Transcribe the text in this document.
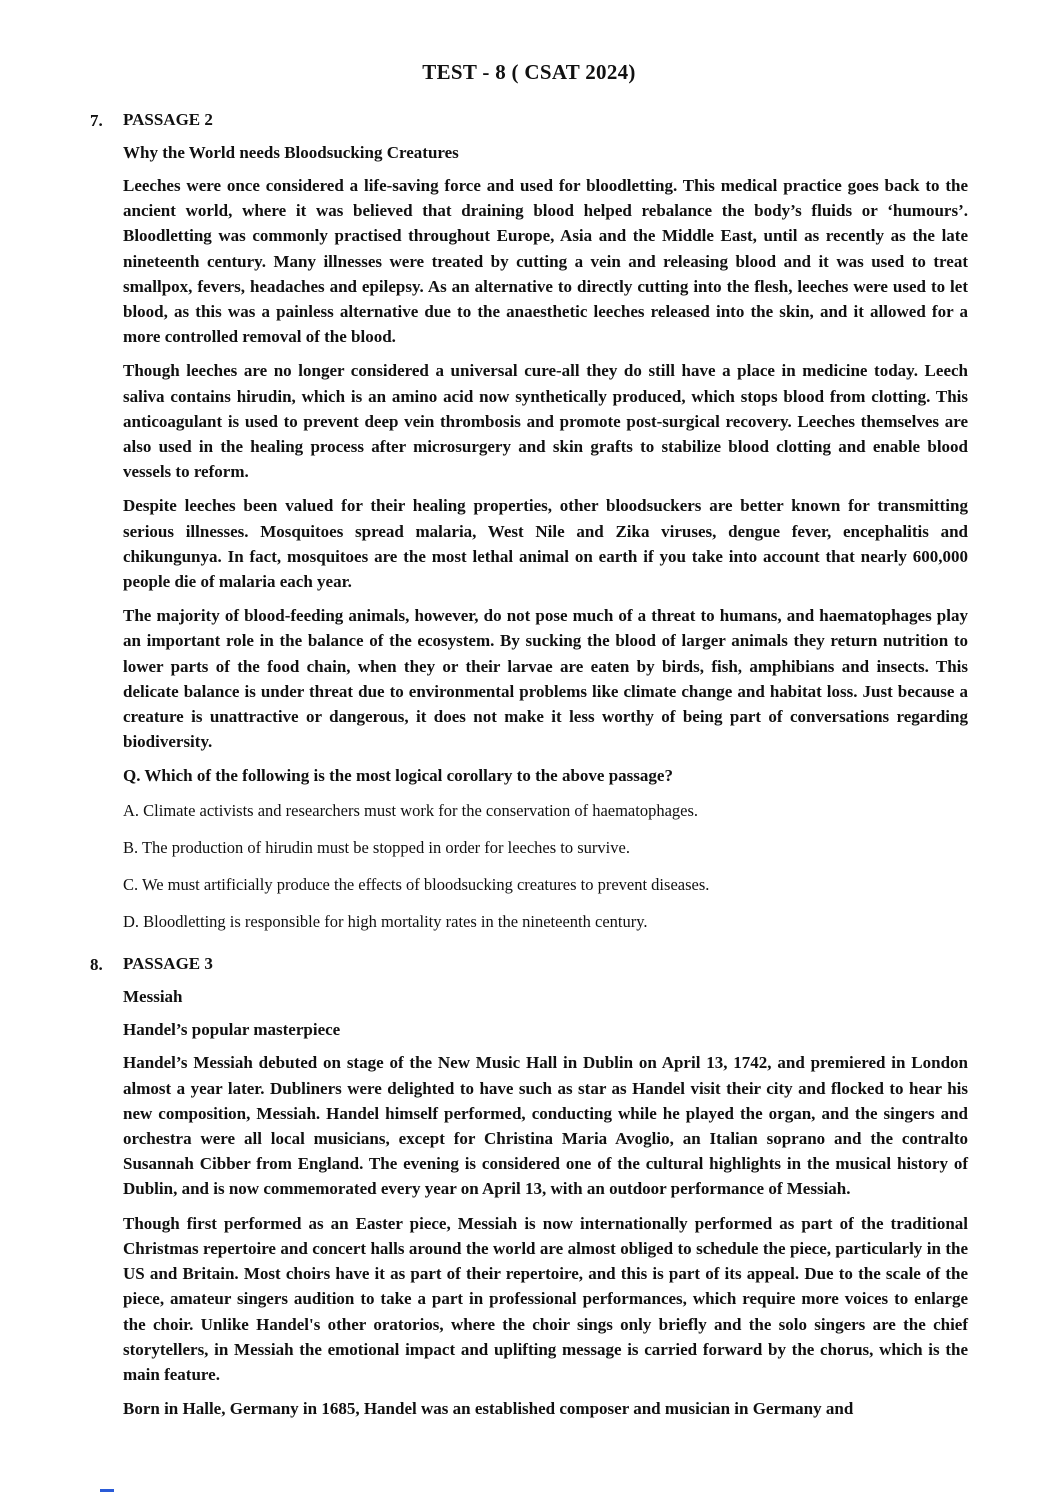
TEST - 8 ( CSAT 2024)
7.	PASSAGE 2

Why the World needs Bloodsucking Creatures

Leeches were once considered a life-saving force and used for bloodletting. This medical practice goes back to the ancient world, where it was believed that draining blood helped rebalance the body’s fluids or ‘humours’. Bloodletting was commonly practised throughout Europe, Asia and the Middle East, until as recently as the late nineteenth century. Many illnesses were treated by cutting a vein and releasing blood and it was used to treat smallpox, fevers, headaches and epilepsy. As an alternative to directly cutting into the flesh, leeches were used to let blood, as this was a painless alternative due to the anaesthetic leeches released into the skin, and it allowed for a more controlled removal of the blood.

Though leeches are no longer considered a universal cure-all they do still have a place in medicine today. Leech saliva contains hirudin, which is an amino acid now synthetically produced, which stops blood from clotting. This anticoagulant is used to prevent deep vein thrombosis and promote post-surgical recovery. Leeches themselves are also used in the healing process after microsurgery and skin grafts to stabilize blood clotting and enable blood vessels to reform.

Despite leeches been valued for their healing properties, other bloodsuckers are better known for transmitting serious illnesses. Mosquitoes spread malaria, West Nile and Zika viruses, dengue fever, encephalitis and chikungunya. In fact, mosquitoes are the most lethal animal on earth if you take into account that nearly 600,000 people die of malaria each year.

The majority of blood-feeding animals, however, do not pose much of a threat to humans, and haematophages play an important role in the balance of the ecosystem. By sucking the blood of larger animals they return nutrition to lower parts of the food chain, when they or their larvae are eaten by birds, fish, amphibians and insects. This delicate balance is under threat due to environmental problems like climate change and habitat loss. Just because a creature is unattractive or dangerous, it does not make it less worthy of being part of conversations regarding biodiversity.

Q. Which of the following is the most logical corollary to the above passage?

A. Climate activists and researchers must work for the conservation of haematophages.

B. The production of hirudin must be stopped in order for leeches to survive.

C. We must artificially produce the effects of bloodsucking creatures to prevent diseases.

D. Bloodletting is responsible for high mortality rates in the nineteenth century.

8.	PASSAGE 3

Messiah

Handel’s popular masterpiece

Handel’s Messiah debuted on stage of the New Music Hall in Dublin on April 13, 1742, and premiered in London almost a year later. Dubliners were delighted to have such as star as Handel visit their city and flocked to hear his new composition, Messiah. Handel himself performed, conducting while he played the organ, and the singers and orchestra were all local musicians, except for Christina Maria Avoglio, an Italian soprano and the contralto Susannah Cibber from England. The evening is considered one of the cultural highlights in the musical history of Dublin, and is now commemorated every year on April 13, with an outdoor performance of Messiah.

Though first performed as an Easter piece, Messiah is now internationally performed as part of the traditional Christmas repertoire and concert halls around the world are almost obliged to schedule the piece, particularly in the US and Britain. Most choirs have it as part of their repertoire, and this is part of its appeal. Due to the scale of the piece, amateur singers audition to take a part in professional performances, which require more voices to enlarge the choir. Unlike Handel's other oratorios, where the choir sings only briefly and the solo singers are the chief storytellers, in Messiah the emotional impact and uplifting message is carried forward by the chorus, which is the main feature.

Born in Halle, Germany in 1685, Handel was an established composer and musician in Germany and
